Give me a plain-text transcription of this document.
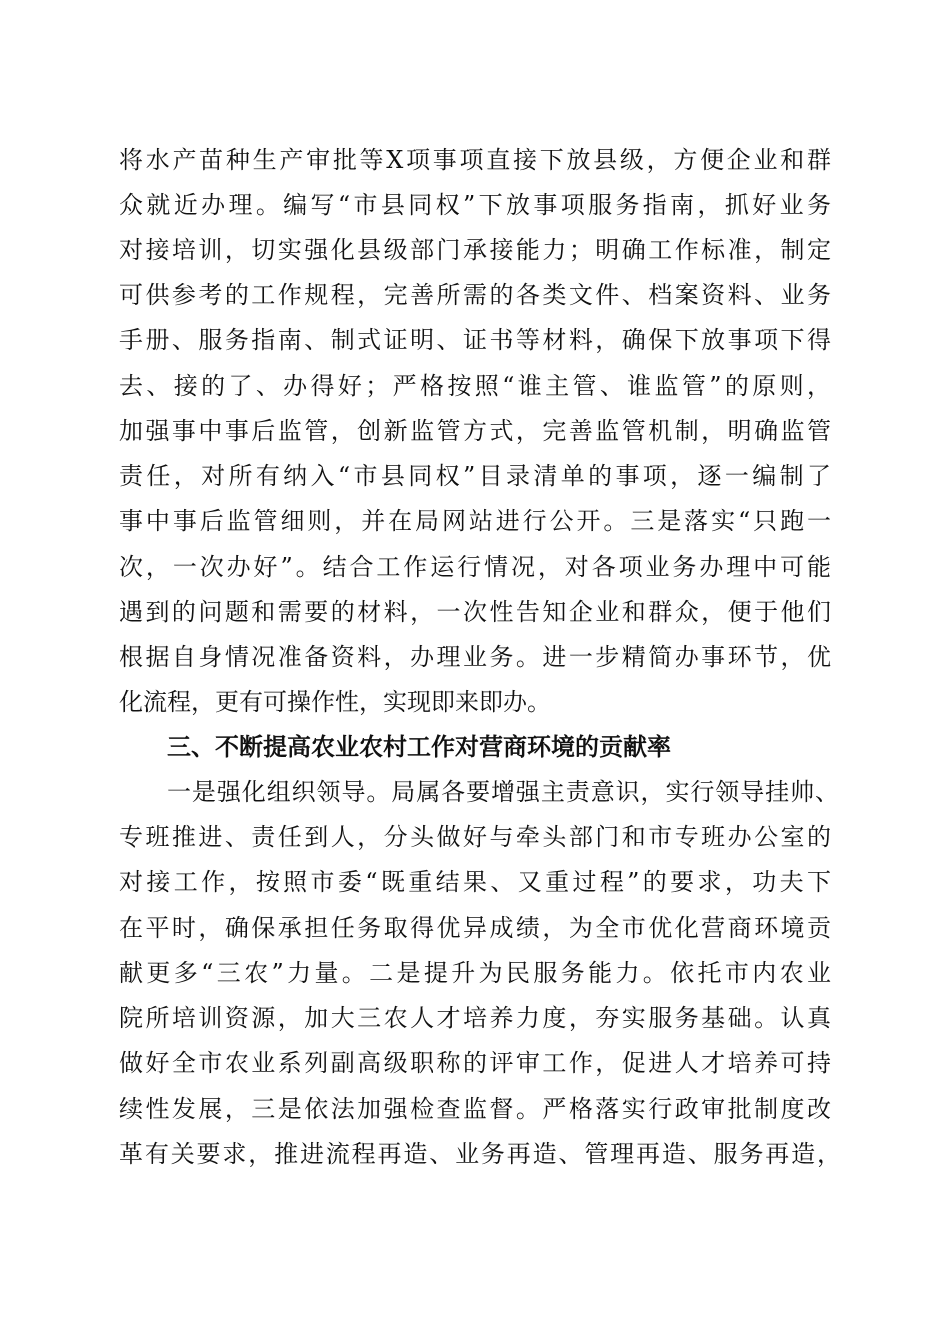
将水产苗种生产审批等X项事项直接下放县级，方便企业和群
众就近办理。编写“市县同权”下放事项服务指南，抓好业务
对接培训，切实强化县级部门承接能力；明确工作标准，制定
可供参考的工作规程，完善所需的各类文件、档案资料、业务
手册、服务指南、制式证明、证书等材料，确保下放事项下得
去、接的了、办得好；严格按照“谁主管、谁监管”的原则，
加强事中事后监管，创新监管方式，完善监管机制，明确监管
责任，对所有纳入“市县同权”目录清单的事项，逐一编制了
事中事后监管细则，并在局网站进行公开。三是落实“只跑一
次，一次办好”。结合工作运行情况，对各项业务办理中可能
遇到的问题和需要的材料，一次性告知企业和群众，便于他们
根据自身情况准备资料，办理业务。进一步精简办事环节，优
化流程，更有可操作性，实现即来即办。
三、不断提高农业农村工作对营商环境的贡献率
一是强化组织领导。局属各要增强主责意识，实行领导挂帅、
专班推进、责任到人，分头做好与牵头部门和市专班办公室的
对接工作，按照市委“既重结果、又重过程”的要求，功夫下
在平时，确保承担任务取得优异成绩，为全市优化营商环境贡
献更多“三农”力量。二是提升为民服务能力。依托市内农业
院所培训资源，加大三农人才培养力度，夯实服务基础。认真
做好全市农业系列副高级职称的评审工作，促进人才培养可持
续性发展，三是依法加强检查监督。严格落实行政审批制度改
革有关要求，推进流程再造、业务再造、管理再造、服务再造，
